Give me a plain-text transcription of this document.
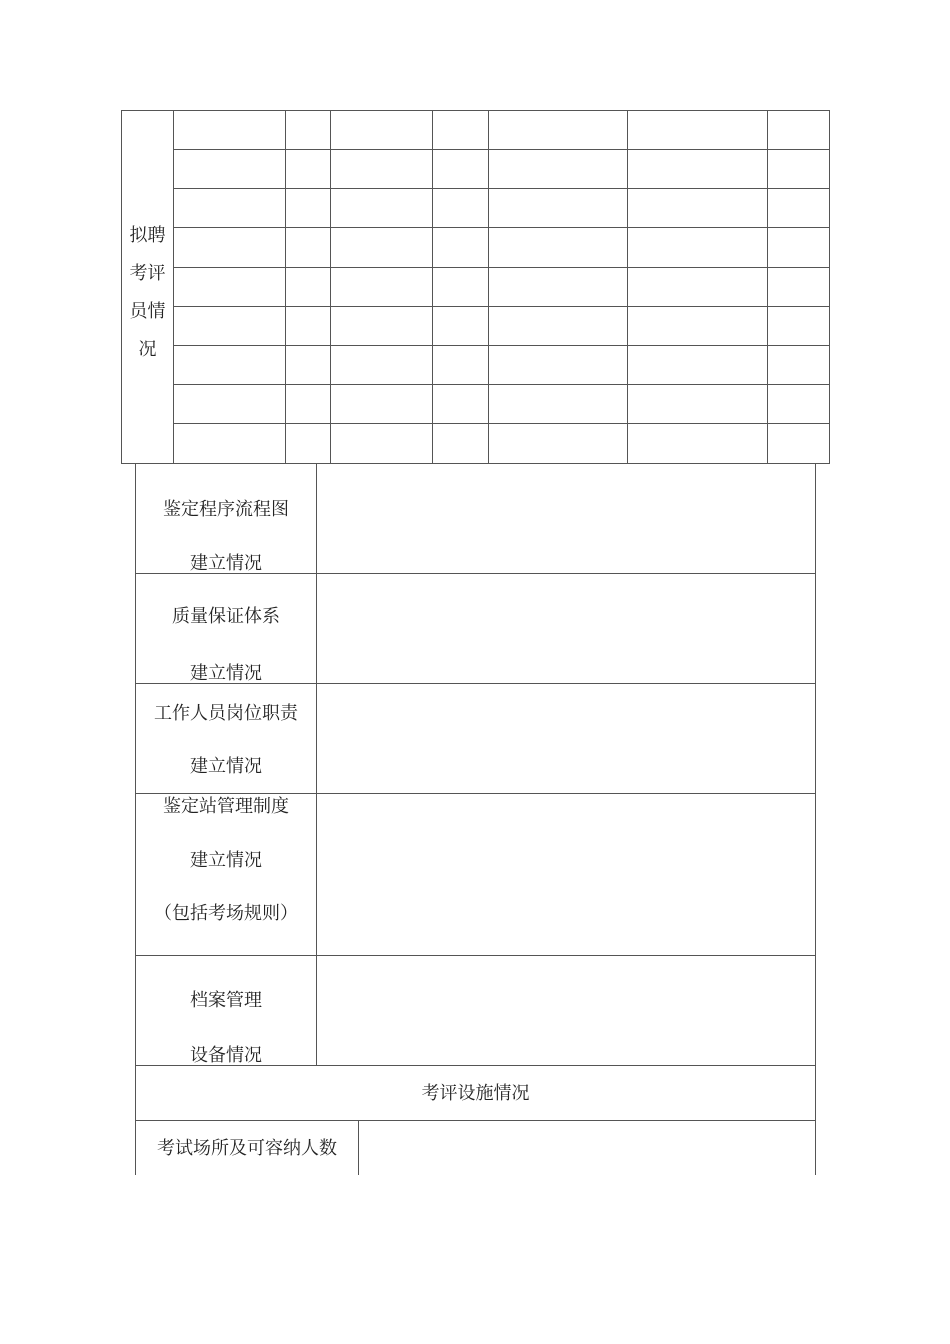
拟聘
考评
员情
况
鉴定程序流程图
建立情况
质量保证体系
建立情况
工作人员岗位职责
建立情况
鉴定站管理制度
建立情况
（包括考场规则）
档案管理
设备情况
考评设施情况
考试场所及可容纳人数
